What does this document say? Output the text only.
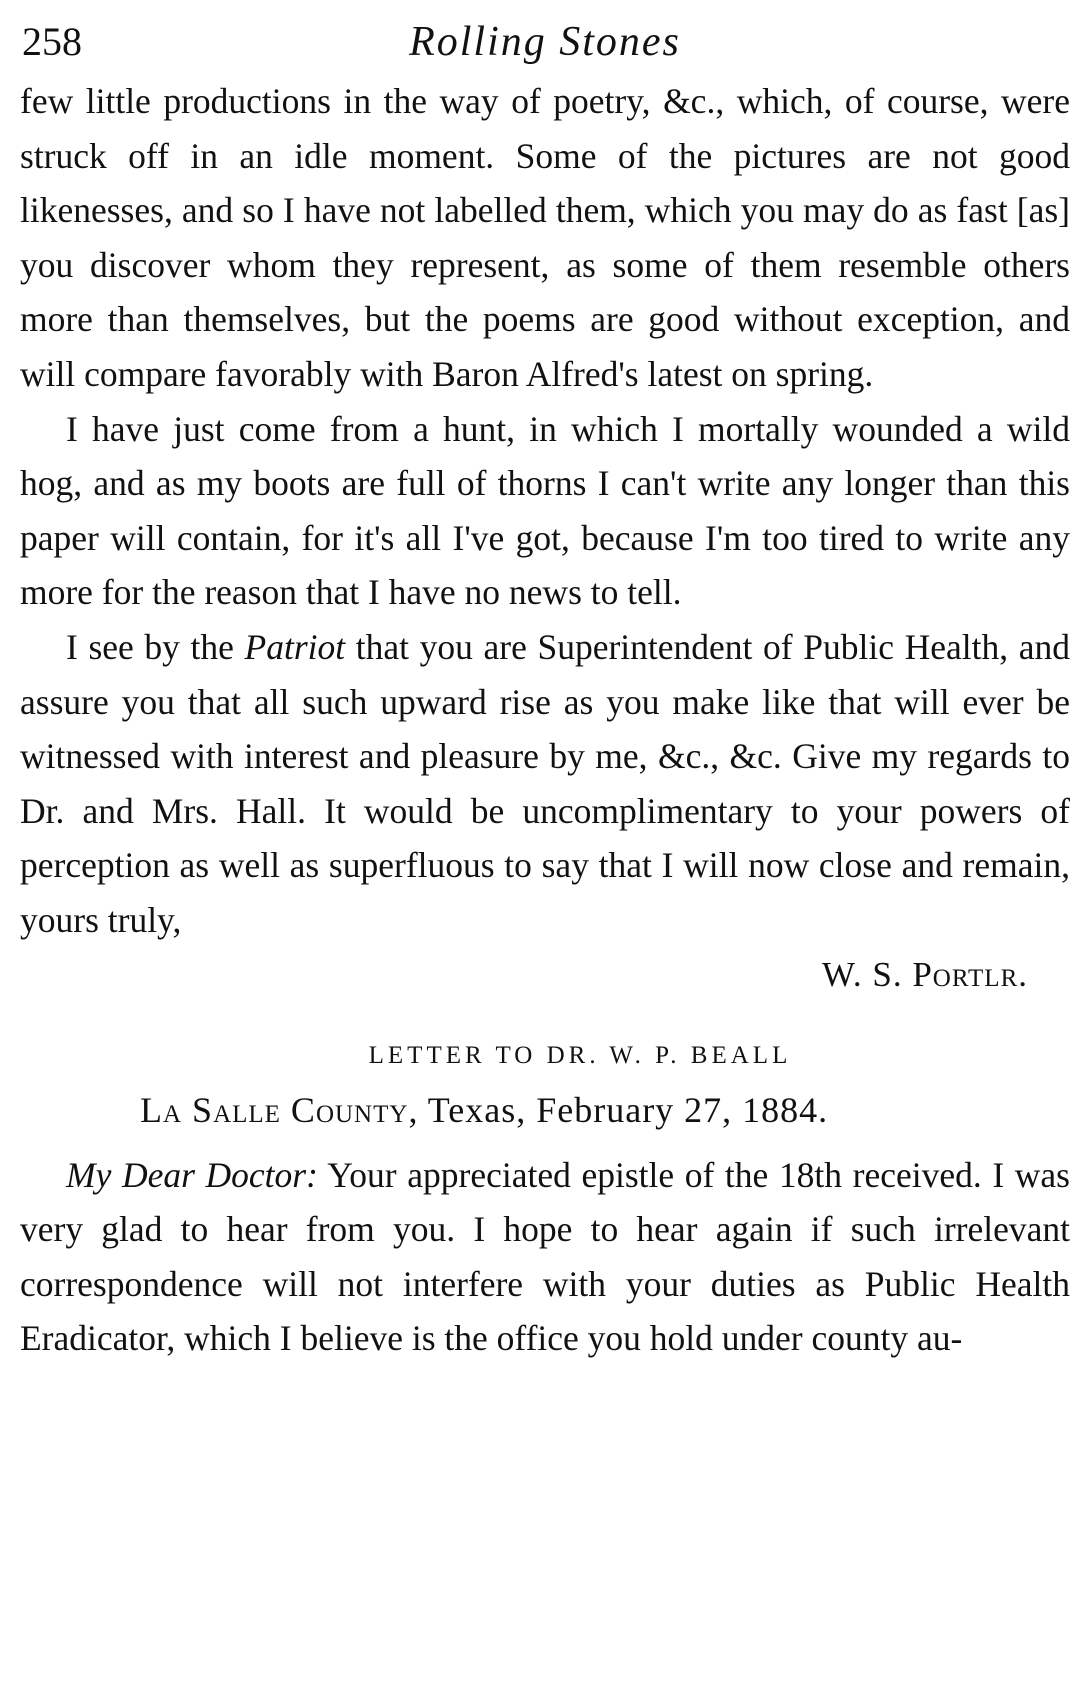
258	Rolling Stones

few little productions in the way of poetry, &c., which, of course, were struck off in an idle moment. Some of the pictures are not good likenesses, and so I have not labelled them, which you may do as fast [as] you discover whom they represent, as some of them resemble others more than themselves, but the poems are good without exception, and will compare favorably with Baron Alfred's latest on spring.

I have just come from a hunt, in which I mortally wounded a wild hog, and as my boots are full of thorns I can't write any longer than this paper will contain, for it's all I've got, because I'm too tired to write any more for the reason that I have no news to tell.

I see by the Patriot that you are Superintendent of Public Health, and assure you that all such upward rise as you make like that will ever be witnessed with interest and pleasure by me, &c., &c. Give my regards to Dr. and Mrs. Hall. It would be uncomplimentary to your powers of perception as well as superfluous to say that I will now close and remain, yours truly,

W. S. Portlr.
LETTER TO DR. W. P. BEALL
La Salle County, Texas, February 27, 1884.

My Dear Doctor: Your appreciated epistle of the 18th received. I was very glad to hear from you. I hope to hear again if such irrelevant correspondence will not interfere with your duties as Public Health Eradicator, which I believe is the office you hold under county au-
